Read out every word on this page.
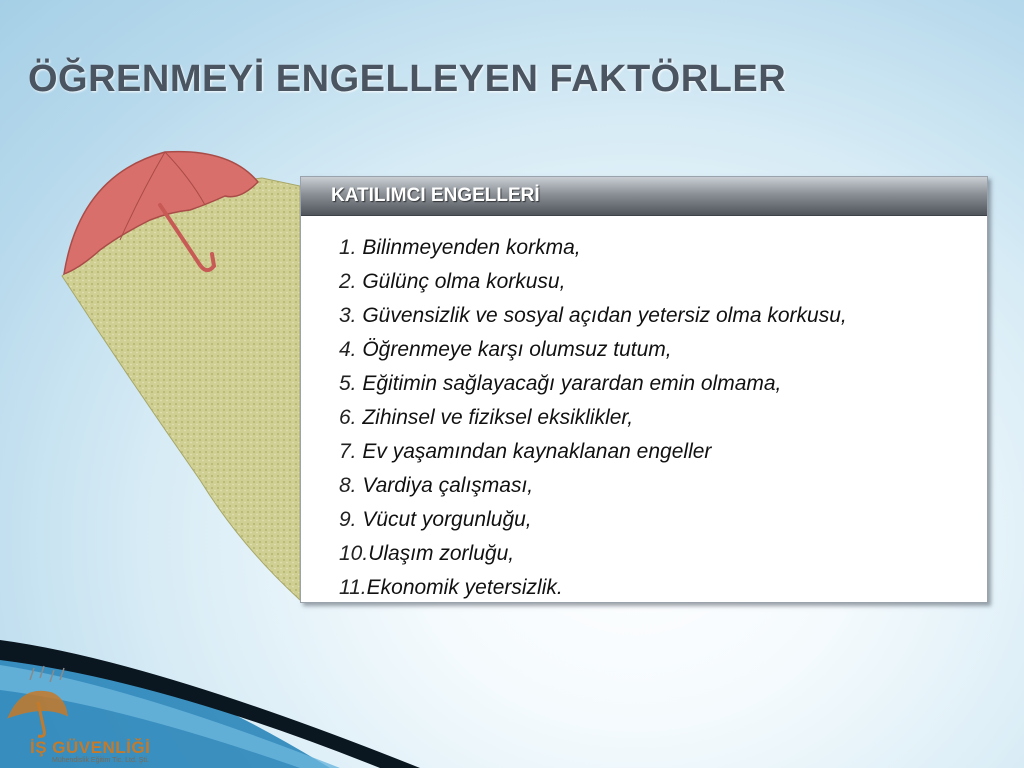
ÖĞRENMEYİ ENGELLEYEN FAKTÖRLER
KATILIMCI ENGELLERİ
1. Bilinmeyenden korkma,
2. Gülünç olma korkusu,
3. Güvensizlik ve sosyal açıdan yetersiz olma korkusu,
4. Öğrenmeye karşı olumsuz tutum,
5. Eğitimin sağlayacağı yarardan emin olmama,
6. Zihinsel ve fiziksel eksiklikler,
7. Ev yaşamından kaynaklanan engeller
8. Vardiya çalışması,
9. Vücut yorgunluğu,
10.Ulaşım zorluğu,
11.Ekonomik yetersizlik.
İŞ GÜVENLİĞİ
Mühendislik Eğitim Tic. Ltd. Şti.
